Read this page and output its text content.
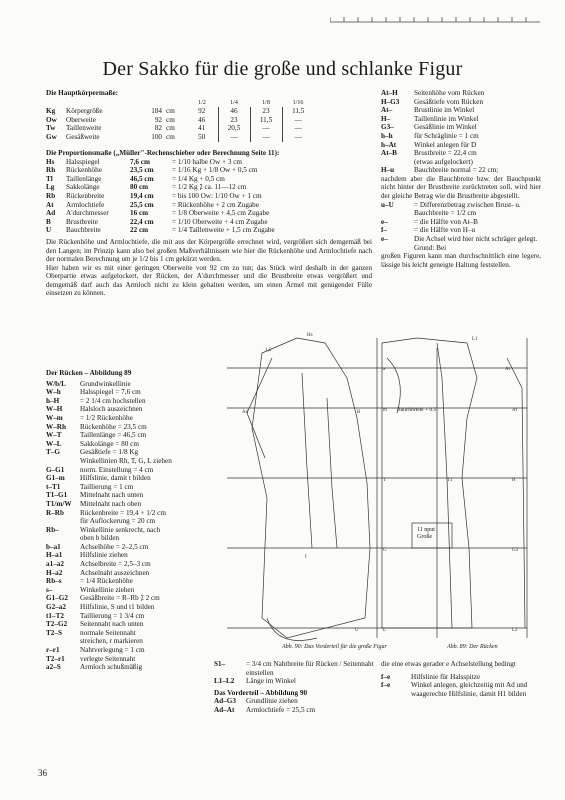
Der Sakko für die große und schlanke Figur
Die Hauptkörpermaße:
				1/2	1/4	1/8	1/16
Kg	Körpergröße	184	cm	92	46	23	11,5
Ow	Oberweite	92	cm	46	23	11,5	—
Tw	Taillenweite	82	cm	41	20,5	—	—
Gw	Gesäßweite	100	cm	50	—	—	—
Die Proportionsmaße („Müller"-Rechenschieber oder Berechnung Seite 11):
Hs	Halsspiegel	7,6 cm	= 1/10 halbe Ow + 3 cm
Rh	Rückenhöhe	23,5 cm	= 1/16 Kg + 1/8 Ow + 0,5 cm
Tl	Taillenlänge	46,5 cm	= 1/4 Kg + 0,5 cm
Lg	Sakkolänge	80 cm	= 1/2 Kg ⁒ ca. 11—12 cm
Rb	Rückenbreite	19,4 cm	= bis 100 Ow: 1/10 Ow + 1 cm
At	Armlochtiefe	25,5 cm	= Rückenhöhe + 2 cm Zugabe
Ad	A'durchmesser	16 cm	= 1/8 Oberweite + 4,5 cm Zugabe
B	Brustbreite	22,4 cm	= 1/10 Oberweite + 4 cm Zugabe
U	Bauchbreite	22 cm	= 1/4 Taillenweite + 1,5 cm Zugabe
Die Rückenhöhe und Armlochtiefe, die mit aus der Körpergröße errechnet wird, vergrößert sich demgemäß bei den Langen; im Prinzip kann also bei großen Maßverhältnissen wie hier die Rückenhöhe und Armlochtiefe nach der normalen Berechnung um je 1/2 bis 1 cm gekürzt werden.
Hier haben wir es mit einer geringen Oberweite von 92 cm zu tun; das Stück wird deshalb in der ganzen Oberpartie etwas aufgelockert, der Rücken, der A'durchmesser und die Brustbreite etwas vergrößert und demgemäß darf auch das Armloch nicht zu klein gehalten werden, um einen Ärmel mit genügender Fülle einsetzen zu können.
At–H	Seitenhöhe vom Rücken
H–G3	Gesäßtiefe vom Rücken
At–	Brustlinie im Winkel
H–	Taillenlinie im Winkel
G3–	Gesäßlinie im Winkel
h–h	für Schräglinie = 1 cm
h–At	Winkel anlegen für D
At–B	Brustbreite = 22,4 cm
	(etwas aufgelockert)
H–u	Bauchbreite normal = 22 cm;
nachdem aber die Bauchbreite bzw. der Bauchpunkt nicht hinter der Brustbreite zurücktreten soll, wird hier der gleiche Betrag wie die Brustbreite abgestellt.
u–U	= Differenzbetrag zwischen Brust- u. Bauchbreite = 1/2 cm
e–	= die Hälfte von At–B
f–	= die Hälfte von H–u
e–	Die Achsel wird hier nicht schräger gelegt. Grund: Bei
großen Figuren kann man durchschnittlich eine legere, lässige bis leicht geneigte Haltung feststellen.
Der Rücken – Abbildung 89
W/b/L	Grundwinkellinie
W–h	Halsspiegel = 7,6 cm
h–H	= 2 1/4 cm hochstellen
W–H	Halsloch auszeichnen
W–m	= 1/2 Rückenhöhe
W–Rh	Rückenhöhe = 23,5 cm
W–T	Taillenlänge = 46,5 cm
W–L	Sakkolänge = 80 cm
T–G	Gesäßtiefe = 1/8 Kg
	Winkellinien Rh, T, G, L ziehen
G–G1	norm. Einstellung = 4 cm
G1–m	Hilfslinie, damit t bilden
t–T1	Taillierung = 1 cm
T1–G1	Mittelnaht nach unten
T1/m/W	Mittelnaht nach oben
R–Rb	Rückenbreite = 19,4 + 1/2 cm
	für Auflockerung = 20 cm
Rb–	Winkellinie senkrecht, nach
	oben b bilden
b–a1	Achselhöhe = 2–2,5 cm
H–a1	Hilfslinie ziehen
a1–a2	Achselbreite = 2,5–3 cm
H–a2	Achselnaht auszeichnen
Rb–s	= 1/4 Rückenhöhe
s–	Winkellinie ziehen
G1–G2	Gesäßbreite = R–Rb ⁒ 2 cm
G2–a2	Hilfslinie, S und t1 bilden
t1–T2	Taillierung = 1 3/4 cm
T2–G2	Seitennaht nach unten
T2–S	normale Seitennaht
	streichen, r markieren
r–r1	Nahtverlegung = 1 cm
T2–r1	verlegte Seitennaht
a2–S	Armloch schußmäßig
Hs
1,5
L1
a	At
Ad	B	m	At
T	T1	H
G	G2
L	L2
U
f
11 nput
Große
Bauchbreite + 0.5
Abb. 90: Das Vorderteil für die große Figur	Abb. 89: Der Rücken
S1–	= 3/4 cm Nahtbreite für Rücken / Seitennaht einstellen
L1–L2	Länge im Winkel
Das Vorderteil – Abbildung 90
Ad–G3	Grundlinie ziehen
Ad–At	Armlochtiefe = 25,5 cm
die eine etwas gerader e Achselstellung bedingt
f–e	Hilfslinie für Halsspitze
f–e	Winkel anlegen, gleichzeitig mit Ad und waagerechte Hilfslinie, damit H1 bilden
36
